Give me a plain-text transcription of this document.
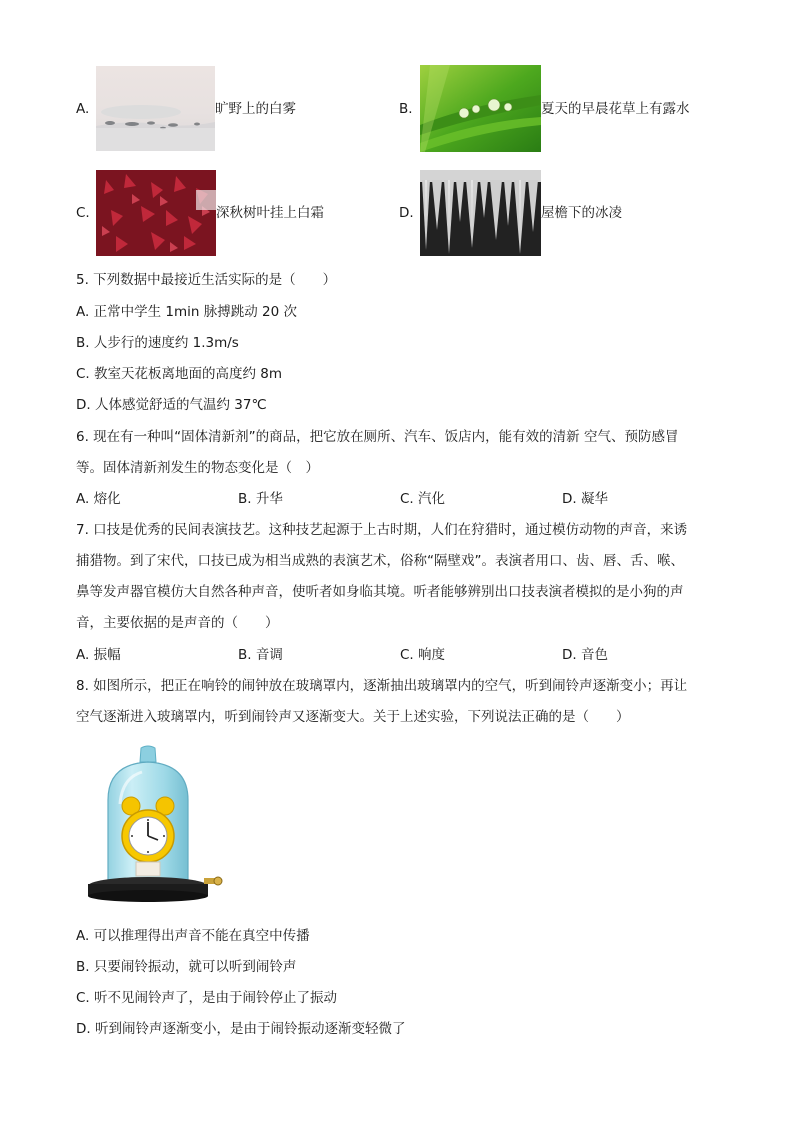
A.	旷野上的白雾	B.	夏天的早晨花草上有露水
C.	深秋树叶挂上白霜	D.	屋檐下的冰凌
5. 下列数据中最接近生活实际的是（　　）
A. 正常中学生 1min 脉搏跳动 20 次
B. 人步行的速度约 1.3m/s
C. 教室天花板离地面的高度约 8m
D. 人体感觉舒适的气温约 37℃
6. 现在有一种叫“固体清新剂”的商品，把它放在厕所、汽车、饭店内，能有效的清新 空气、预防感冒
等。固体清新剂发生的物态变化是（　）
A. 熔化	B. 升华	C. 汽化	D. 凝华
7. 口技是优秀的民间表演技艺。这种技艺起源于上古时期，人们在狩猎时，通过模仿动物的声音，来诱
捕猎物。到了宋代，口技已成为相当成熟的表演艺术，俗称“隔壁戏”。表演者用口、齿、唇、舌、喉、
鼻等发声器官模仿大自然各种声音，使听者如身临其境。听者能够辨别出口技表演者模拟的是小狗的声
音，主要依据的是声音的（　　）
A. 振幅	B. 音调	C. 响度	D. 音色
8. 如图所示，把正在响铃的闹钟放在玻璃罩内，逐渐抽出玻璃罩内的空气，听到闹铃声逐渐变小；再让
空气逐渐进入玻璃罩内，听到闹铃声又逐渐变大。关于上述实验，下列说法正确的是（　　）
A. 可以推理得出声音不能在真空中传播
B. 只要闹铃振动，就可以听到闹铃声
C. 听不见闹铃声了，是由于闹铃停止了振动
D. 听到闹铃声逐渐变小，是由于闹铃振动逐渐变轻微了
